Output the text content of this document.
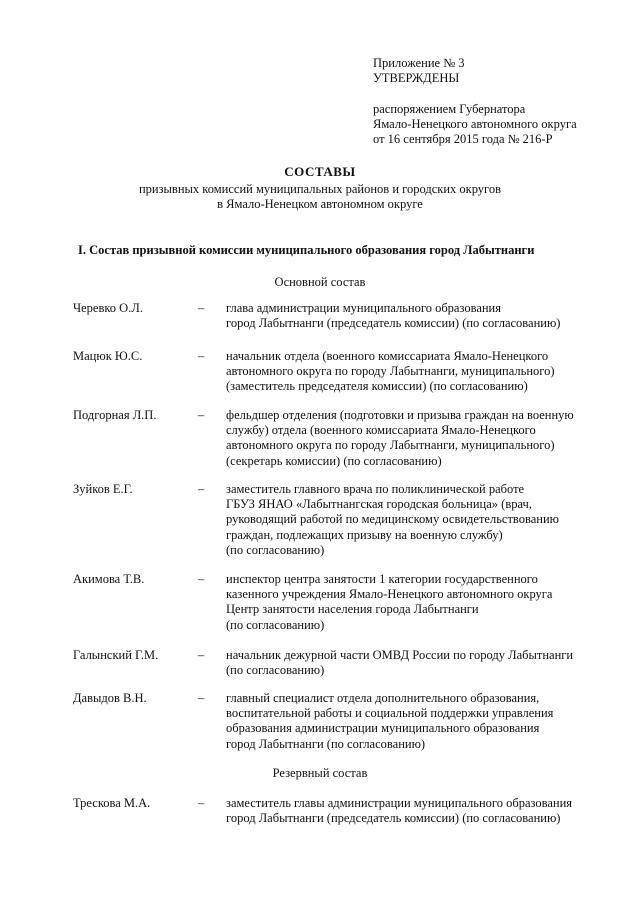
Приложение № 3
УТВЕРЖДЕНЫ
распоряжением Губернатора
Ямало-Ненецкого автономного округа
от 16 сентября 2015 года № 216-Р
СОСТАВЫ
призывных комиссий муниципальных районов и городских округов
в Ямало-Ненецком автономном округе
I. Состав призывной комиссии муниципального образования город Лабытнанги
Основной состав
Черевко О.Л.	– глава администрации муниципального образования
город Лабытнанги (председатель комиссии) (по согласованию)
Мацюк Ю.С.	– начальник отдела (военного комиссариата Ямало-Ненецкого
автономного округа по городу Лабытнанги, муниципального)
(заместитель председателя комиссии) (по согласованию)
Подгорная Л.П.	– фельдшер отделения (подготовки и призыва граждан на военную
службу) отдела (военного комиссариата Ямало-Ненецкого
автономного округа по городу Лабытнанги, муниципального)
(секретарь комиссии) (по согласованию)
Зуйков Е.Г.	– заместитель главного врача по поликлинической работе
ГБУЗ ЯНАО «Лабытнангская городская больница» (врач,
руководящий работой по медицинскому освидетельствованию
граждан, подлежащих призыву на военную службу)
(по согласованию)
Акимова Т.В.	– инспектор центра занятости 1 категории государственного
казенного учреждения Ямало-Ненецкого автономного округа
Центр занятости населения города Лабытнанги
(по согласованию)
Галынский Г.М.	– начальник дежурной части ОМВД России по городу Лабытнанги
(по согласованию)
Давыдов В.Н.	– главный специалист отдела дополнительного образования,
воспитательной работы и социальной поддержки управления
образования администрации муниципального образования
город Лабытнанги (по согласованию)
Резервный состав
Трескова М.А.	– заместитель главы администрации муниципального образования
город Лабытнанги (председатель комиссии) (по согласованию)
